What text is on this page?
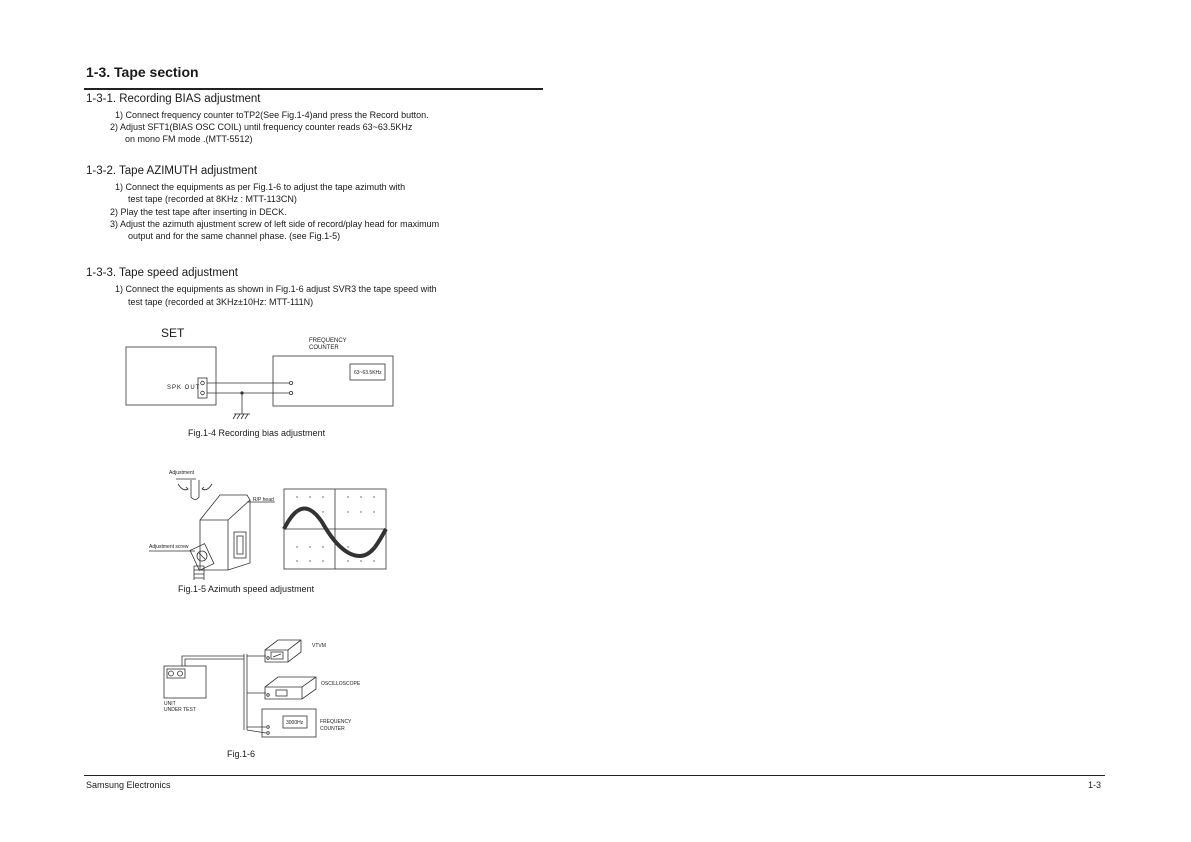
1-3. Tape section
1-3-1. Recording BIAS adjustment
1) Connect frequency counter toTP2(See Fig.1-4)and press the Record button.
2) Adjust SFT1(BIAS OSC COIL) until frequency counter reads 63~63.5KHz
on mono FM mode .(MTT-5512)
1-3-2. Tape AZIMUTH adjustment
1) Connect the equipments as per Fig.1-6 to adjust the tape azimuth with
test tape (recorded at 8KHz : MTT-113CN)
2) Play the test tape after inserting in DECK.
3) Adjust the azimuth ajustment screw of left side of record/play head for maximum
output and for the same channel phase. (see Fig.1-5)
1-3-3. Tape speed adjustment
1) Connect the equipments as shown in Fig.1-6 adjust SVR3 the tape speed with
test tape (recorded at 3KHz±10Hz: MTT-111N)
SET
FREQUENCY
COUNTER
SPK OUT
63~63.5KHz
Fig.1-4 Recording bias adjustment
Adjustment
R/P head
Adjustment screw
Fig.1-5 Azimuth speed adjustment
VTVM
OSCILLOSCOPE
FREQUENCY
COUNTER
3000Hz
UNIT
UNDER TEST
Fig.1-6
Samsung Electronics	1-3
